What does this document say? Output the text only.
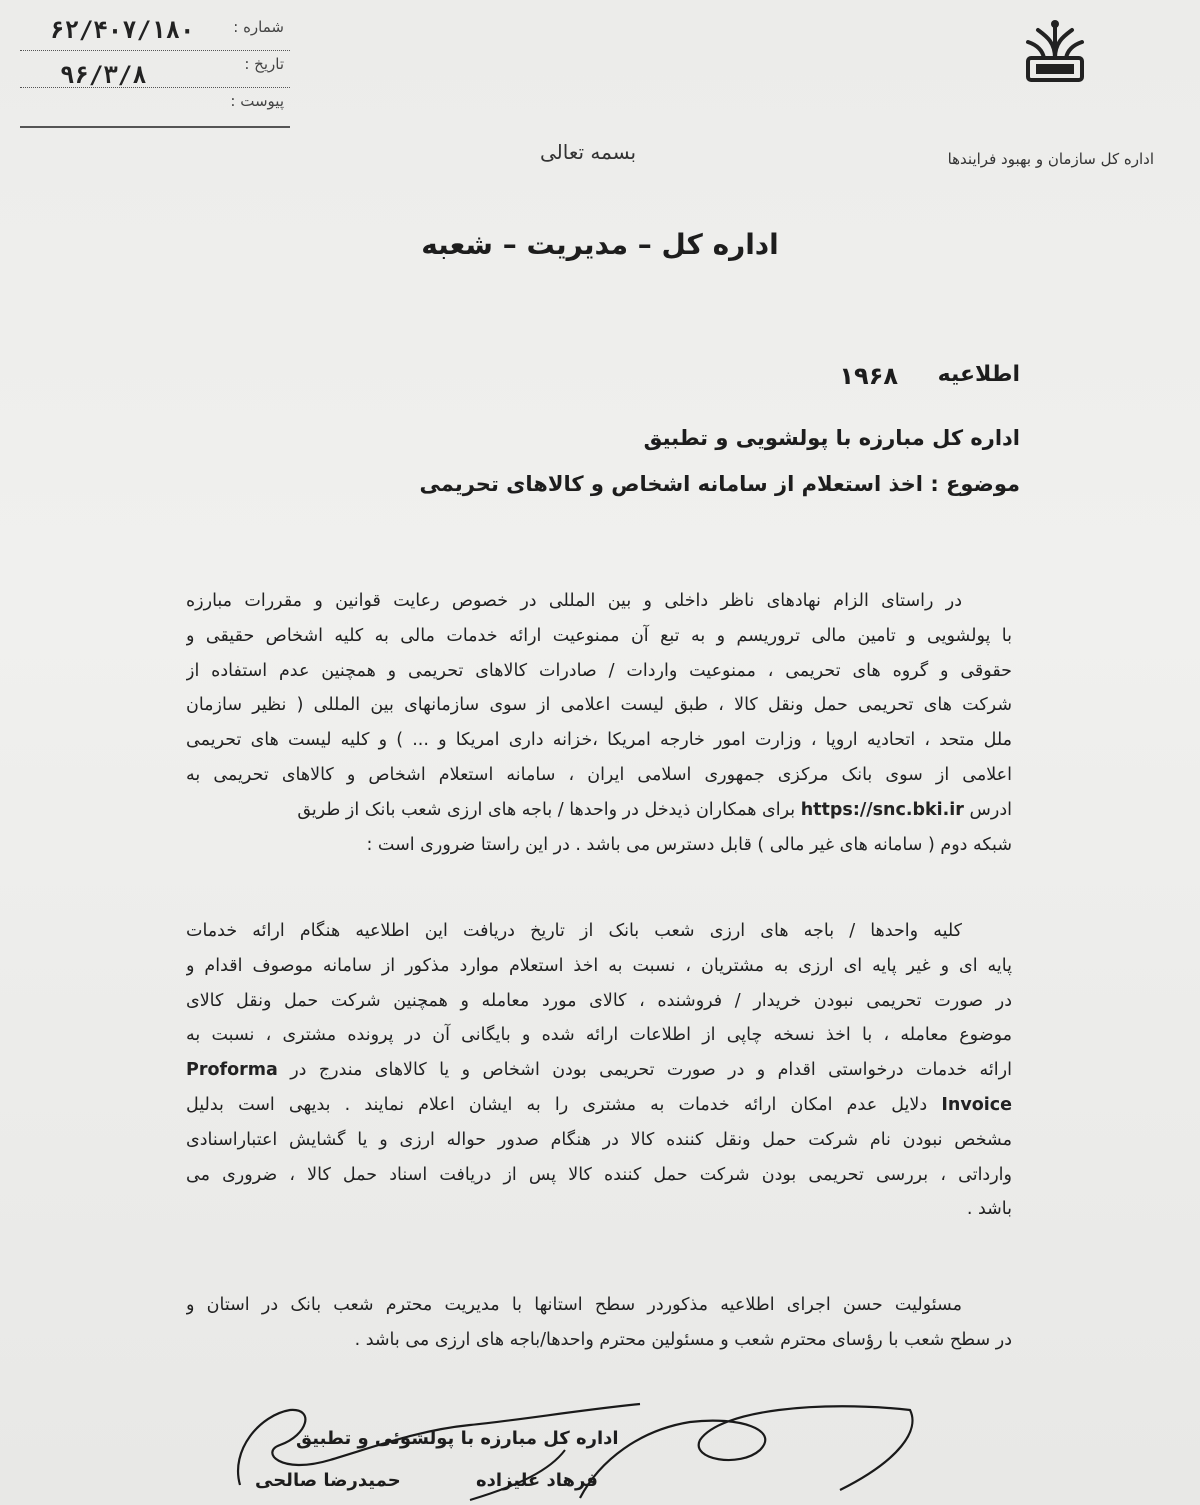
شماره :
۶۲/۴۰۷/۱۸۰
تاریخ :
۹۶/۳/۸
پیوست :
اداره کل سازمان و بهبود فرایندها
بسمه تعالی
اداره کل – مدیریت – شعبه
اطلاعیه
۱۹۶۸
اداره کل مبارزه با پولشویی و تطبیق
موضوع : اخذ استعلام از سامانه اشخاص و کالاهای تحریمی
در راستای الزام نهادهای ناظر داخلی و بین المللی در خصوص رعایت قوانین و مقررات مبارزه
با پولشویی و تامین مالی تروریسم و به تبع آن ممنوعیت ارائه خدمات مالی به کلیه اشخاص حقیقی و
حقوقی و گروه های تحریمی ، ممنوعیت واردات / صادرات کالاهای تحریمی و همچنین عدم استفاده از
شرکت های تحریمی حمل ونقل کالا ، طبق لیست اعلامی از سوی سازمانهای بین المللی ( نظیر سازمان
ملل متحد ، اتحادیه اروپا ، وزارت امور خارجه امریکا ،خزانه داری امریکا و ... ) و کلیه لیست های تحریمی
اعلامی از سوی بانک مرکزی جمهوری اسلامی ایران ، سامانه استعلام اشخاص و کالاهای تحریمی به
ادرس https://snc.bki.ir برای همکاران ذیدخل در واحدها / باجه های ارزی شعب بانک از طریق
شبکه دوم ( سامانه های غیر مالی ) قابل دسترس می باشد . در این راستا ضروری است :
کلیه واحدها / باجه های ارزی شعب بانک از تاریخ دریافت این اطلاعیه هنگام ارائه خدمات
پایه ای و غیر پایه ای ارزی به مشتریان ، نسبت به اخذ استعلام موارد مذکور از سامانه موصوف اقدام و
در صورت تحریمی نبودن خریدار / فروشنده ، کالای مورد معامله و همچنین شرکت حمل ونقل کالای
موضوع معامله ، با اخذ نسخه چاپی از اطلاعات ارائه شده و بایگانی آن در پرونده مشتری ، نسبت به
ارائه خدمات درخواستی اقدام و در صورت تحریمی بودن اشخاص و یا کالاهای مندرج در Proforma
Invoice دلایل عدم امکان ارائه خدمات به مشتری را به ایشان اعلام نمایند . بدیهی است بدلیل
مشخص نبودن نام شرکت حمل ونقل کننده کالا در هنگام صدور حواله ارزی و یا گشایش اعتباراسنادی
وارداتی ، بررسی تحریمی بودن شرکت حمل کننده کالا پس از دریافت اسناد حمل کالا ، ضروری می
باشد .
مسئولیت حسن اجرای اطلاعیه مذکوردر سطح استانها با مدیریت محترم شعب بانک در استان و
در سطح شعب با رؤسای محترم شعب و مسئولین محترم واحدها/باجه های ارزی می باشد .
اداره کل مبارزه با پولشوئی و تطبیق
فرهاد علیزاده
حمیدرضا صالحی
